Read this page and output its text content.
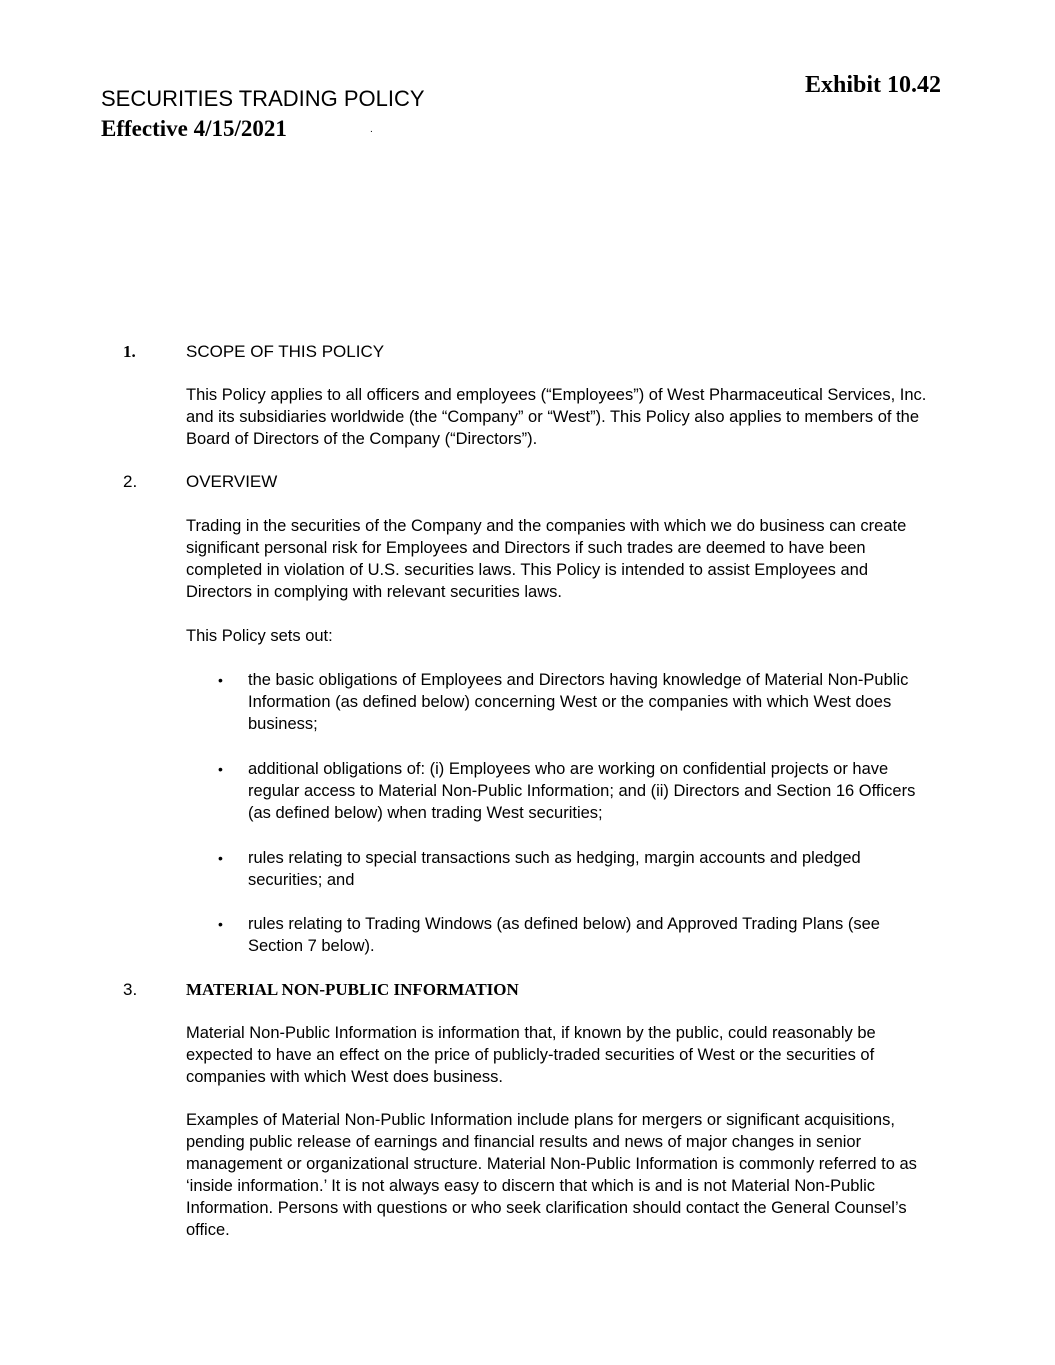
Exhibit 10.42
SECURITIES TRADING POLICY
Effective 4/15/2021	.
1.	SCOPE OF THIS POLICY
This Policy applies to all officers and employees (“Employees”) of West Pharmaceutical Services, Inc. and its subsidiaries worldwide (the “Company” or “West”). This Policy also applies to members of the Board of Directors of the Company (“Directors”).
2.	OVERVIEW
Trading in the securities of the Company and the companies with which we do business can create significant personal risk for Employees and Directors if such trades are deemed to have been completed in violation of U.S. securities laws. This Policy is intended to assist Employees and Directors in complying with relevant securities laws.
This Policy sets out:
• the basic obligations of Employees and Directors having knowledge of Material Non-Public Information (as defined below) concerning West or the companies with which West does business;
• additional obligations of: (i) Employees who are working on confidential projects or have regular access to Material Non-Public Information; and (ii) Directors and Section 16 Officers (as defined below) when trading West securities;
• rules relating to special transactions such as hedging, margin accounts and pledged securities; and
• rules relating to Trading Windows (as defined below) and Approved Trading Plans (see Section 7 below).
3.	MATERIAL NON-PUBLIC INFORMATION
Material Non-Public Information is information that, if known by the public, could reasonably be expected to have an effect on the price of publicly-traded securities of West or the securities of companies with which West does business.
Examples of Material Non-Public Information include plans for mergers or significant acquisitions, pending public release of earnings and financial results and news of major changes in senior management or organizational structure. Material Non-Public Information is commonly referred to as ‘inside information.’ It is not always easy to discern that which is and is not Material Non-Public Information. Persons with questions or who seek clarification should contact the General Counsel’s office.
